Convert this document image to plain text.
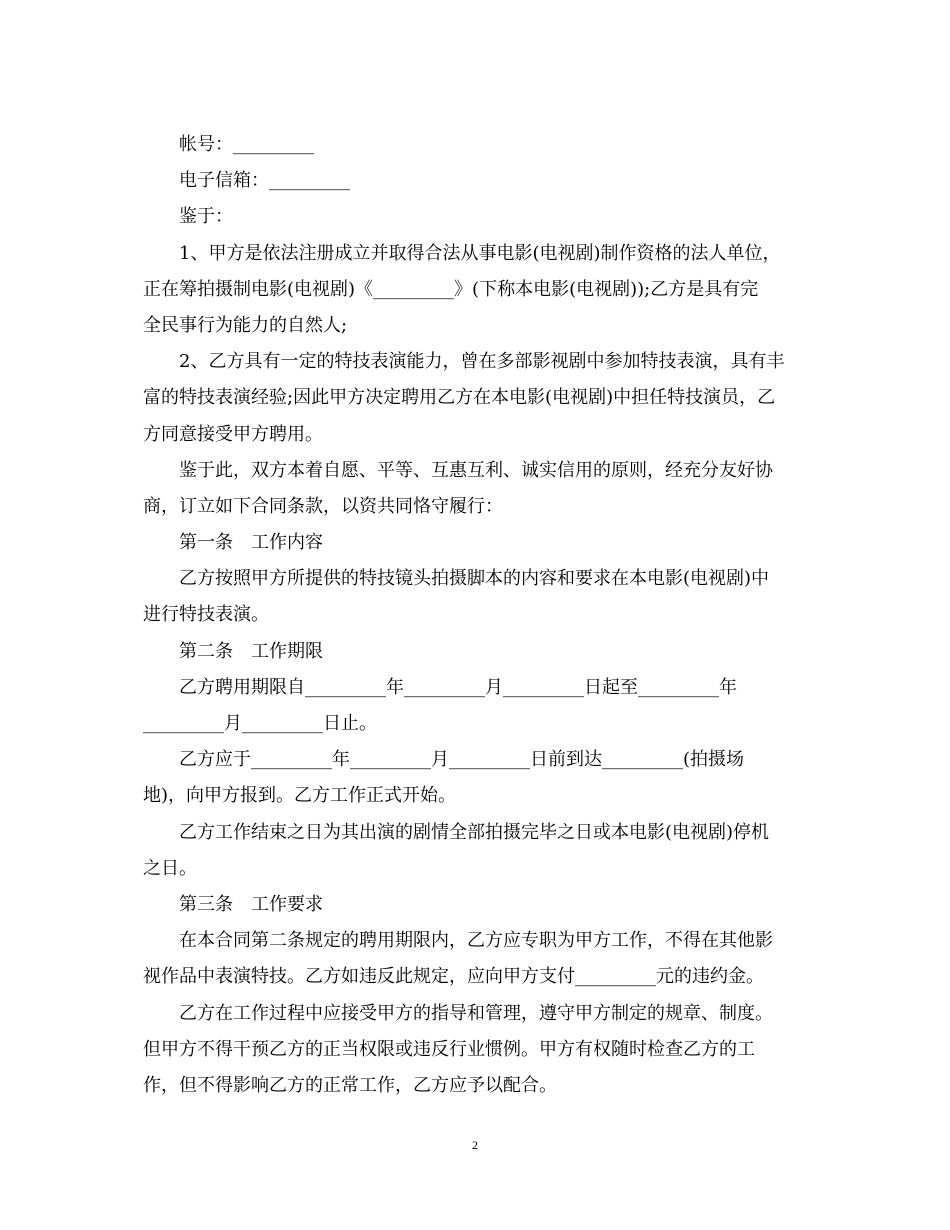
帐号：_________
电子信箱：_________
鉴于：
1、甲方是依法注册成立并取得合法从事电影(电视剧)制作资格的法人单位，
正在筹拍摄制电影(电视剧)《_________》(下称本电影(电视剧));乙方是具有完
全民事行为能力的自然人;
2、乙方具有一定的特技表演能力，曾在多部影视剧中参加特技表演，具有丰
富的特技表演经验;因此甲方决定聘用乙方在本电影(电视剧)中担任特技演员，乙
方同意接受甲方聘用。
鉴于此，双方本着自愿、平等、互惠互利、诚实信用的原则，经充分友好协
商，订立如下合同条款，以资共同恪守履行：
第一条　工作内容
乙方按照甲方所提供的特技镜头拍摄脚本的内容和要求在本电影(电视剧)中
进行特技表演。
第二条　工作期限
乙方聘用期限自_________年_________月_________日起至_________年
_________月_________日止。
乙方应于_________年_________月_________日前到达_________(拍摄场
地)，向甲方报到。乙方工作正式开始。
乙方工作结束之日为其出演的剧情全部拍摄完毕之日或本电影(电视剧)停机
之日。
第三条　工作要求
在本合同第二条规定的聘用期限内，乙方应专职为甲方工作，不得在其他影
视作品中表演特技。乙方如违反此规定，应向甲方支付_________元的违约金。
乙方在工作过程中应接受甲方的指导和管理，遵守甲方制定的规章、制度。
但甲方不得干预乙方的正当权限或违反行业惯例。甲方有权随时检查乙方的工
作，但不得影响乙方的正常工作，乙方应予以配合。
2
